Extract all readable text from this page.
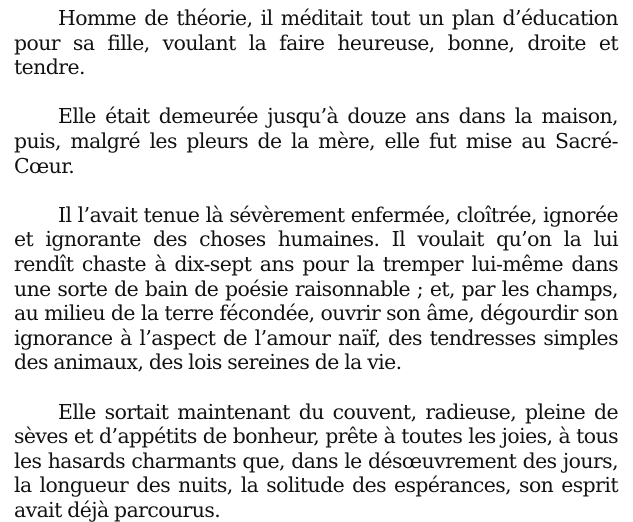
Homme de théorie, il méditait tout un plan d’éducation pour sa fille, voulant la faire heureuse, bonne, droite et tendre.

Elle était demeurée jusqu’à douze ans dans la maison, puis, malgré les pleurs de la mère, elle fut mise au Sacré-Cœur.

Il l’avait tenue là sévèrement enfermée, cloîtrée, ignorée et ignorante des choses humaines. Il voulait qu’on la lui rendît chaste à dix-sept ans pour la tremper lui-même dans une sorte de bain de poésie raisonnable ; et, par les champs, au milieu de la terre fécondée, ouvrir son âme, dégourdir son ignorance à l’aspect de l’amour naïf, des tendresses simples des animaux, des lois sereines de la vie.

Elle sortait maintenant du couvent, radieuse, pleine de sèves et d’appétits de bonheur, prête à toutes les joies, à tous les hasards charmants que, dans le désœuvrement des jours, la longueur des nuits, la solitude des espérances, son esprit avait déjà parcourus.
